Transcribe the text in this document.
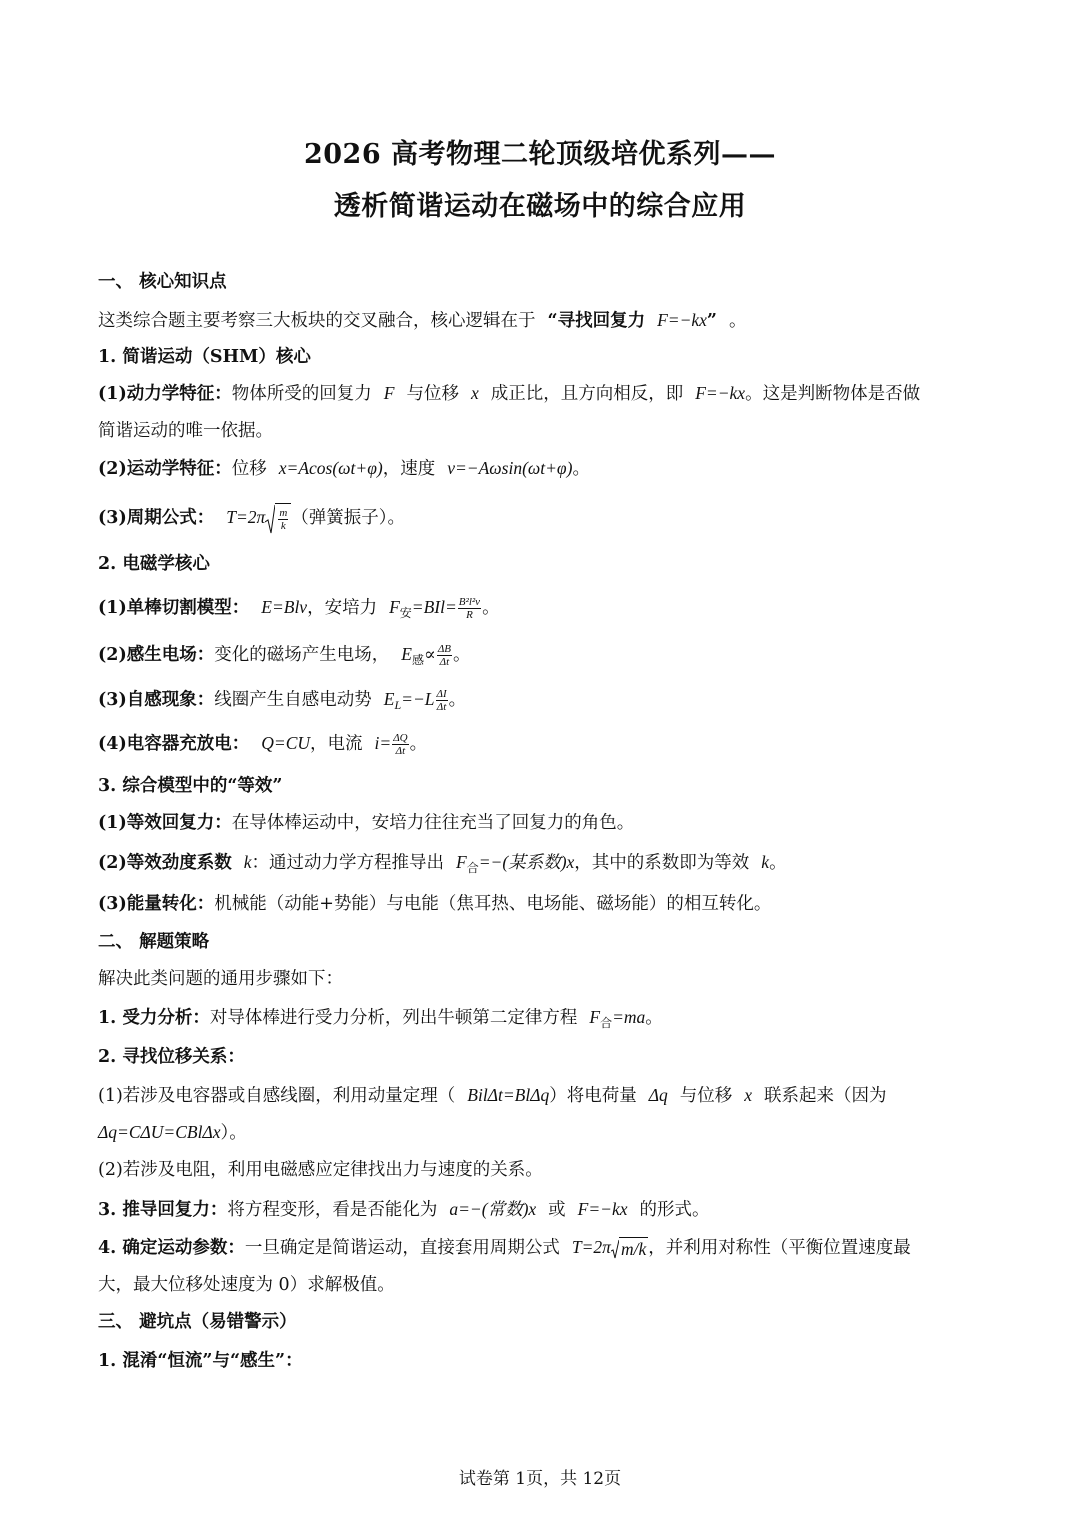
2026 高考物理二轮顶级培优系列——
透析简谐运动在磁场中的综合应用
一、 核心知识点
这类综合题主要考察三大板块的交叉融合，核心逻辑在于 “寻找回复力 F=−kx” 。
1. 简谐运动（SHM）核心
(1)动力学特征：物体所受的回复力 F 与位移 x 成正比，且方向相反，即 F=−kx。这是判断物体是否做
简谐运动的唯一依据。
(2)运动学特征：位移 x=Acos(ωt+φ)，速度 v=−Aωsin(ωt+φ)。
(3)周期公式： $T=2\pi \frac{m}{k}$ （弹簧振子）。
2. 电磁学核心
(1)单棒切割模型： E=Blv，安培力 $F_安=BIl= \frac{\text{B²l²v}}{R}$ 。
(2)感生电场：变化的磁场产生电场， $E_感\propto \frac{\Delta B}{\Delta t}$ 。
(3)自感现象：线圈产生自感电动势 $E_L=-L \frac{\Delta I}{\Delta t}$ 。
(4)电容器充放电： Q=CU，电流 $i= \frac{\Delta Q}{\Delta t}$ 。
3. 综合模型中的“等效”
(1)等效回复力：在导体棒运动中，安培力往往充当了回复力的角色。
(2)等效劲度系数 k：通过动力学方程推导出 $F_合=-$(某系数)x，其中的系数即为等效 k。
(3)能量转化：机械能（动能+势能）与电能（焦耳热、电场能、磁场能）的相互转化。
二、 解题策略
解决此类问题的通用步骤如下：
1. 受力分析：对导体棒进行受力分析，列出牛顿第二定律方程 $F_合=ma$。
2. 寻找位移关系：
(1)若涉及电容器或自感线圈，利用动量定理（ BilΔt=BlΔq）将电荷量 Δq 与位移 x 联系起来（因为
Δq=CΔU=CBlΔx）。
(2)若涉及电阻，利用电磁感应定律找出力与速度的关系。
3. 推导回复力：将方程变形，看是否能化为 a=−(常数)x 或 F=−kx 的形式。
4. 确定运动参数：一旦确定是简谐运动，直接套用周期公式 T=2π m/k ，并利用对称性（平衡位置速度最
大，最大位移处速度为 0）求解极值。
三、 避坑点（易错警示）
1. 混淆“恒流”与“感生”：
试卷第 1页，共 12页
